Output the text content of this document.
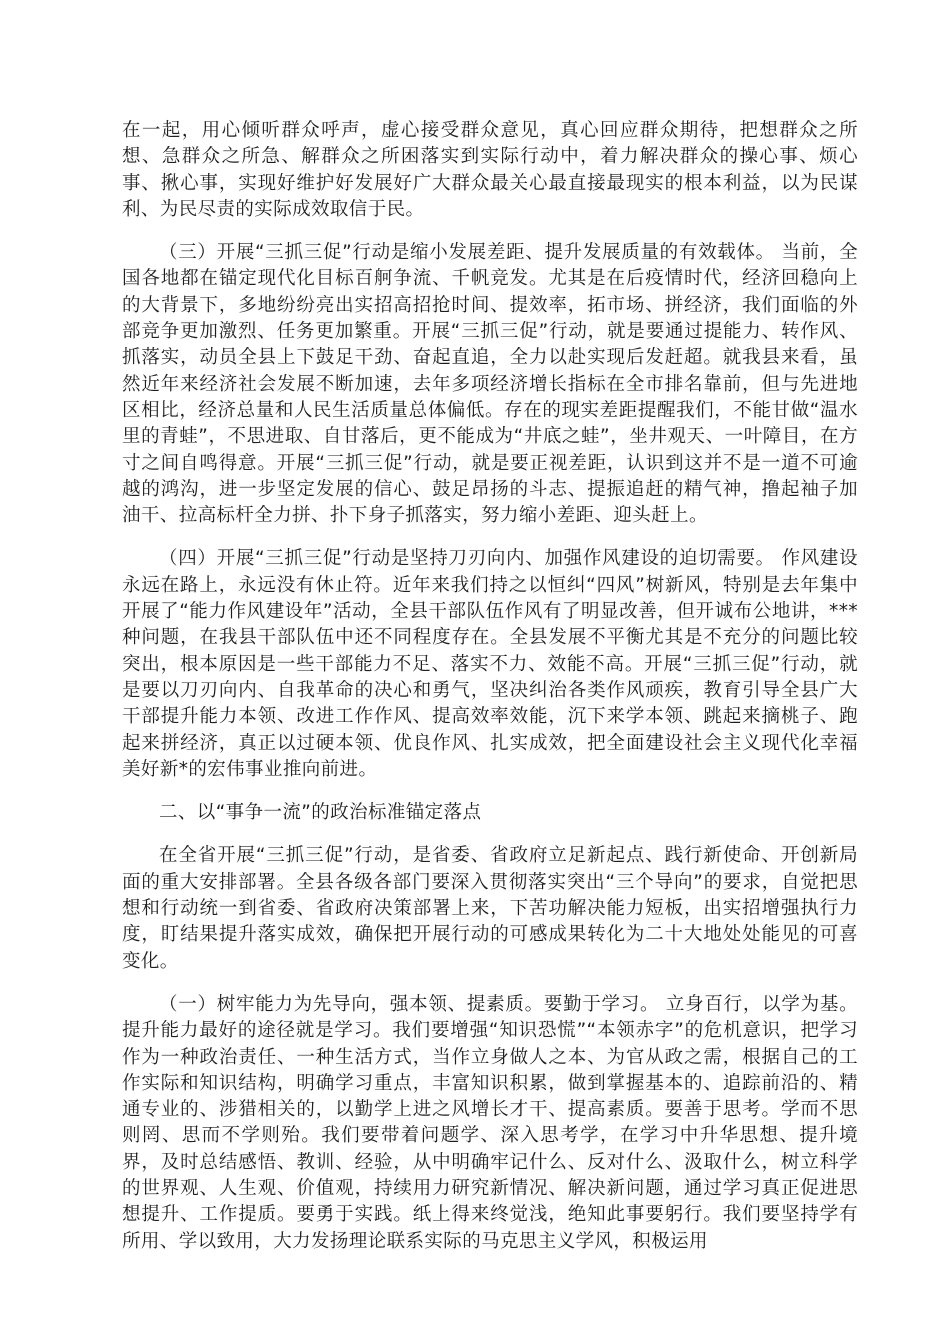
在一起，用心倾听群众呼声，虚心接受群众意见，真心回应群众期待，把想群众之所想、急群众之所急、解群众之所困落实到实际行动中，着力解决群众的操心事、烦心事、揪心事，实现好维护好发展好广大群众最关心最直接最现实的根本利益，以为民谋利、为民尽责的实际成效取信于民。

（三）开展“三抓三促”行动是缩小发展差距、提升发展质量的有效载体。 当前，全国各地都在锚定现代化目标百舸争流、千帆竞发。尤其是在后疫情时代，经济回稳向上的大背景下，多地纷纷亮出实招高招抢时间、提效率，拓市场、拼经济，我们面临的外部竞争更加激烈、任务更加繁重。开展“三抓三促”行动，就是要通过提能力、转作风、抓落实，动员全县上下鼓足干劲、奋起直追，全力以赴实现后发赶超。就我县来看，虽然近年来经济社会发展不断加速，去年多项经济增长指标在全市排名靠前，但与先进地区相比，经济总量和人民生活质量总体偏低。存在的现实差距提醒我们，不能甘做“温水里的青蛙”，不思进取、自甘落后，更不能成为“井底之蛙”，坐井观天、一叶障目，在方寸之间自鸣得意。开展“三抓三促”行动，就是要正视差距，认识到这并不是一道不可逾越的鸿沟，进一步坚定发展的信心、鼓足昂扬的斗志、提振追赶的精气神，撸起袖子加油干、拉高标杆全力拼、扑下身子抓落实，努力缩小差距、迎头赶上。

（四）开展“三抓三促”行动是坚持刀刃向内、加强作风建设的迫切需要。 作风建设永远在路上，永远没有休止符。近年来我们持之以恒纠“四风”树新风，特别是去年集中开展了“能力作风建设年”活动，全县干部队伍作风有了明显改善，但开诚布公地讲，***种问题，在我县干部队伍中还不同程度存在。全县发展不平衡尤其是不充分的问题比较突出，根本原因是一些干部能力不足、落实不力、效能不高。开展“三抓三促”行动，就是要以刀刃向内、自我革命的决心和勇气，坚决纠治各类作风顽疾，教育引导全县广大干部提升能力本领、改进工作作风、提高效率效能，沉下来学本领、跳起来摘桃子、跑起来拼经济，真正以过硬本领、优良作风、扎实成效，把全面建设社会主义现代化幸福美好新*的宏伟事业推向前进。

二、以“事争一流”的政治标准锚定落点

在全省开展“三抓三促”行动，是省委、省政府立足新起点、践行新使命、开创新局面的重大安排部署。全县各级各部门要深入贯彻落实突出“三个导向”的要求，自觉把思想和行动统一到省委、省政府决策部署上来，下苦功解决能力短板，出实招增强执行力度，盯结果提升落实成效，确保把开展行动的可感成果转化为二十大地处处能见的可喜变化。

（一）树牢能力为先导向，强本领、提素质。要勤于学习。 立身百行，以学为基。提升能力最好的途径就是学习。我们要增强“知识恐慌”“本领赤字”的危机意识，把学习作为一种政治责任、一种生活方式，当作立身做人之本、为官从政之需，根据自己的工作实际和知识结构，明确学习重点，丰富知识积累，做到掌握基本的、追踪前沿的、精通专业的、涉猎相关的，以勤学上进之风增长才干、提高素质。要善于思考。学而不思则罔、思而不学则殆。我们要带着问题学、深入思考学，在学习中升华思想、提升境界，及时总结感悟、教训、经验，从中明确牢记什么、反对什么、汲取什么，树立科学的世界观、人生观、价值观，持续用力研究新情况、解决新问题，通过学习真正促进思想提升、工作提质。要勇于实践。纸上得来终觉浅，绝知此事要躬行。我们要坚持学有所用、学以致用，大力发扬理论联系实际的马克思主义学风，积极运用
